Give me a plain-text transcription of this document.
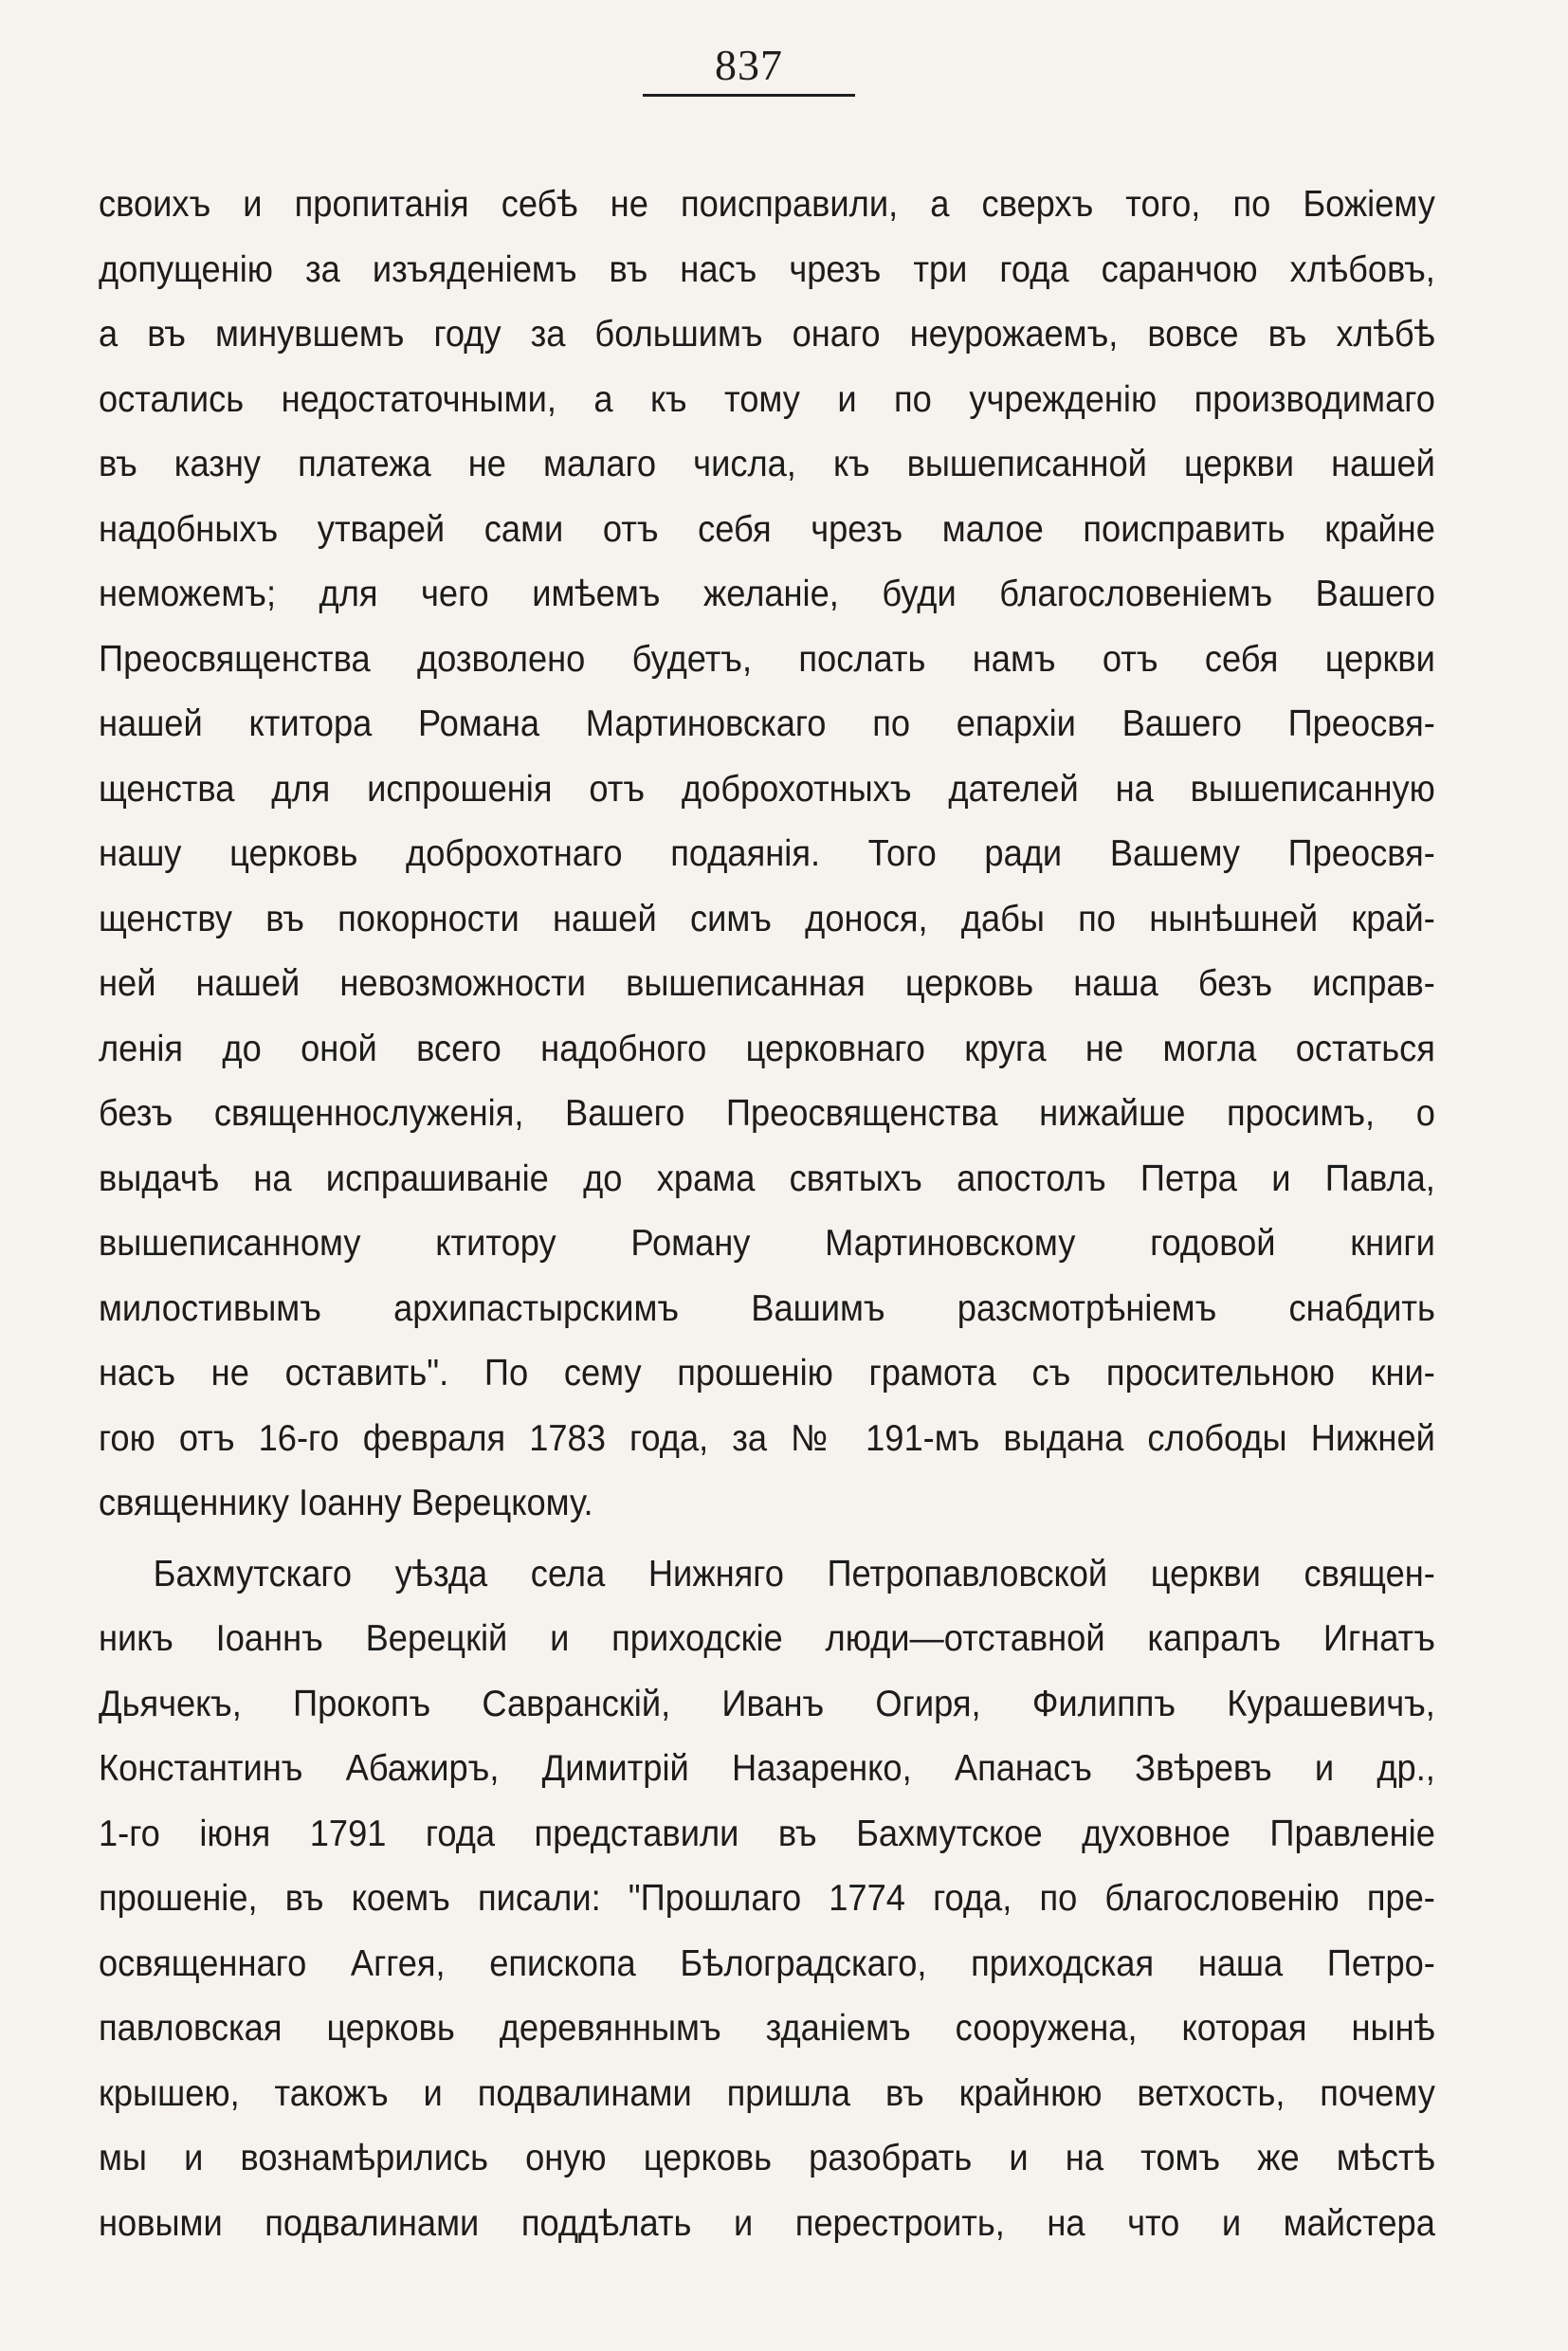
837
своихъ и пропитанія себѣ не поисправили, а сверхъ того, по Божіему
допущенію за изъяденіемъ въ насъ чрезъ три года саранчою хлѣбовъ,
а въ минувшемъ году за большимъ онаго неурожаемъ, вовсе въ хлѣбѣ
остались недостаточными, а къ тому и по учрежденію производимаго
въ казну платежа не малаго числа, къ вышеписанной церкви нашей
надобныхъ утварей сами отъ себя чрезъ малое поисправить крайне
неможемъ; для чего имѣемъ желаніе, буди благословеніемъ Вашего
Преосвященства дозволено будетъ, послать намъ отъ себя церкви
нашей ктитора Романа Мартиновскаго по епархіи Вашего Преосвя-
щенства для испрошенія отъ доброхотныхъ дателей на вышеписанную
нашу церковь доброхотнаго подаянія. Того ради Вашему Преосвя-
щенству въ покорности нашей симъ донося, дабы по нынѣшней край-
ней нашей невозможности вышеписанная церковь наша безъ исправ-
ленія до оной всего надобного церковнаго круга не могла остаться
безъ священнослуженія, Вашего Преосвященства нижайше просимъ, о
выдачѣ на испрашиваніе до храма святыхъ апостолъ Петра и Павла,
вышеписанному ктитору Роману Мартиновскому годовой книги
милостивымъ архипастырскимъ Вашимъ разсмотрѣніемъ снабдить
насъ не оставить". По сему прошенію грамота съ просительною кни-
гою отъ 16-го февраля 1783 года, за № 191-мъ выдана слободы Нижней
священнику Іоанну Верецкому.
Бахмутскаго уѣзда села Нижняго Петропавловской церкви священ-
никъ Іоаннъ Верецкій и приходскіе люди—отставной капралъ Игнатъ
Дьячекъ, Прокопъ Савранскій, Иванъ Огиря, Филиппъ Курашевичъ,
Константинъ Абажиръ, Димитрій Назаренко, Апанасъ Звѣревъ и др.,
1-го іюня 1791 года представили въ Бахмутское духовное Правленіе
прошеніе, въ коемъ писали: "Прошлаго 1774 года, по благословенію пре-
освященнаго Аггея, епископа Бѣлоградскаго, приходская наша Петро-
павловская церковь деревяннымъ зданіемъ сооружена, которая нынѣ
крышею, такожъ и подвалинами пришла въ крайнюю ветхость, почему
мы и вознамѣрились оную церковь разобрать и на томъ же мѣстѣ
новыми подвалинами поддѣлать и перестроить, на что и майстера
